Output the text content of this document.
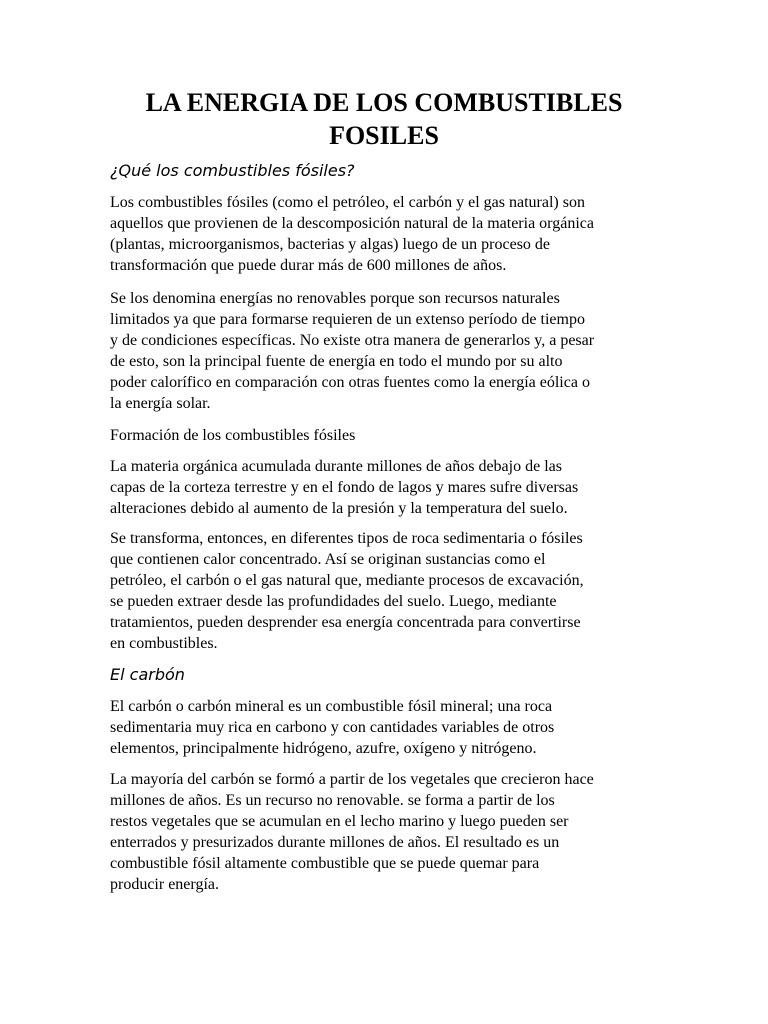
LA ENERGIA DE LOS COMBUSTIBLES
FOSILES
¿Qué los combustibles fósiles?

Los combustibles fósiles (como el petróleo, el carbón y el gas natural) son
aquellos que provienen de la descomposición natural de la materia orgánica
(plantas, microorganismos, bacterias y algas) luego de un proceso de
transformación que puede durar más de 600 millones de años.

Se los denomina energías no renovables porque son recursos naturales
limitados ya que para formarse requieren de un extenso período de tiempo
y de condiciones específicas. No existe otra manera de generarlos y, a pesar
de esto, son la principal fuente de energía en todo el mundo por su alto
poder calorífico en comparación con otras fuentes como la energía eólica o
la energía solar.

Formación de los combustibles fósiles

La materia orgánica acumulada durante millones de años debajo de las
capas de la corteza terrestre y en el fondo de lagos y mares sufre diversas
alteraciones debido al aumento de la presión y la temperatura del suelo.

Se transforma, entonces, en diferentes tipos de roca sedimentaria o fósiles
que contienen calor concentrado. Así se originan sustancias como el
petróleo, el carbón o el gas natural que, mediante procesos de excavación,
se pueden extraer desde las profundidades del suelo. Luego, mediante
tratamientos, pueden desprender esa energía concentrada para convertirse
en combustibles.

El carbón

El carbón o carbón mineral es un combustible fósil mineral; una roca
sedimentaria muy rica en carbono y con cantidades variables de otros
elementos, principalmente hidrógeno, azufre, oxígeno y nitrógeno.

La mayoría del carbón se formó a partir de los vegetales que crecieron hace
millones de años. Es un recurso no renovable. se forma a partir de los
restos vegetales que se acumulan en el lecho marino y luego pueden ser
enterrados y presurizados durante millones de años. El resultado es un
combustible fósil altamente combustible que se puede quemar para
producir energía.
